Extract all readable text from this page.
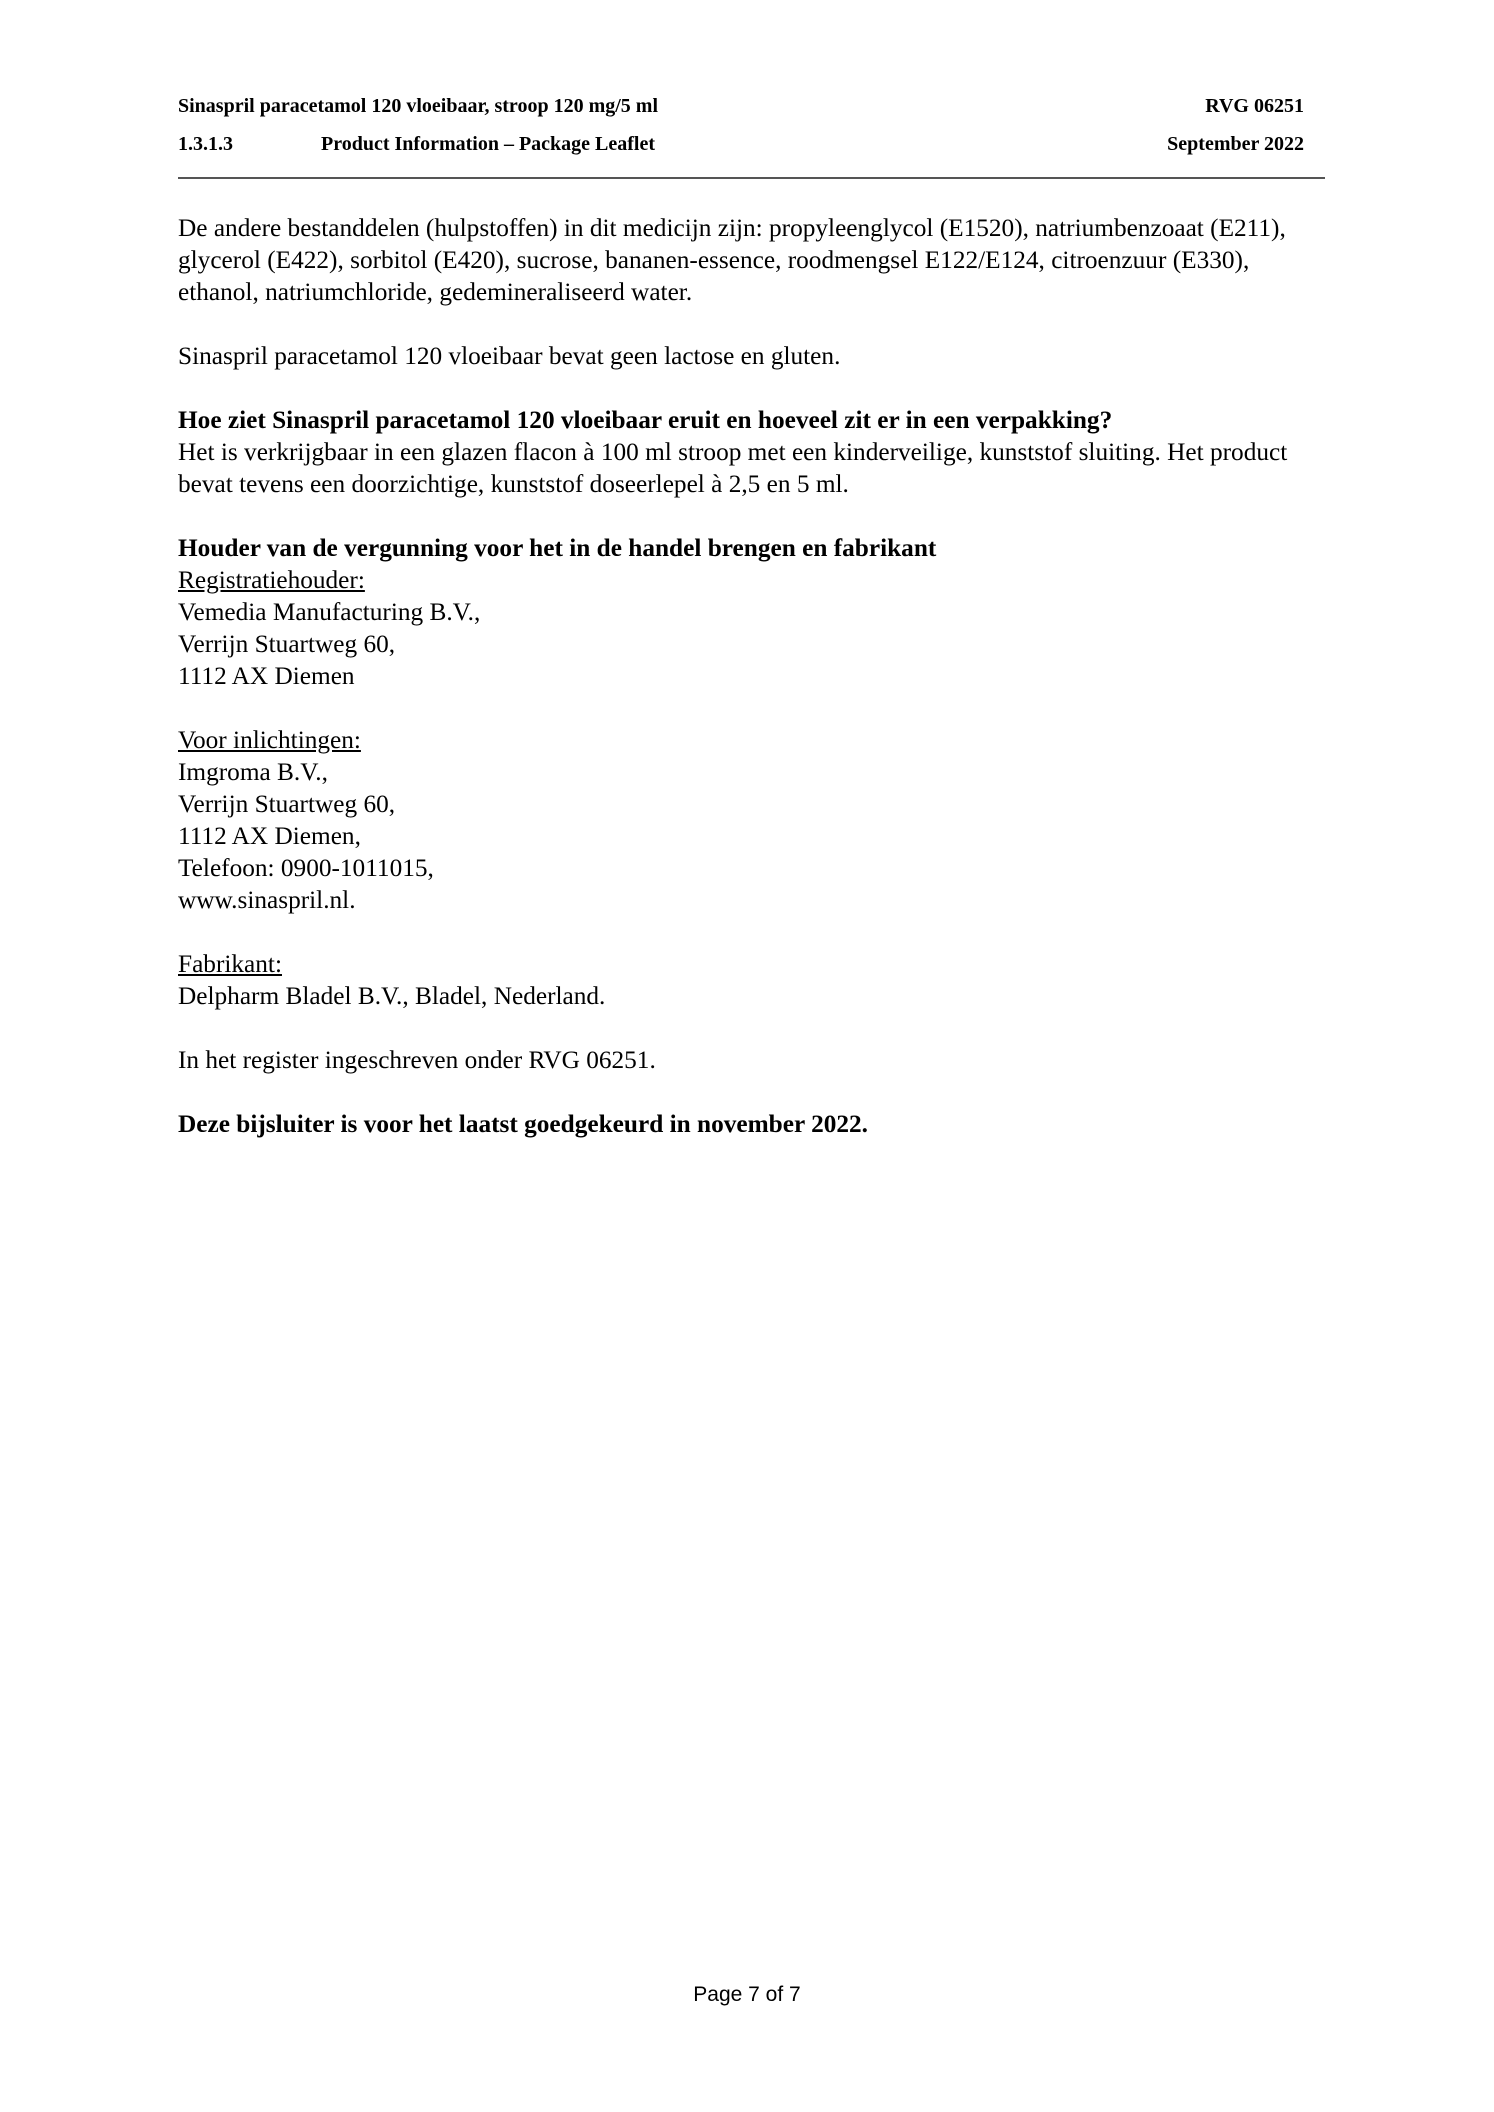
Sinaspril paracetamol 120 vloeibaar, stroop 120 mg/5 ml	RVG 06251
1.3.1.3	Product Information – Package Leaflet	September 2022

De andere bestanddelen (hulpstoffen) in dit medicijn zijn: propyleenglycol (E1520), natriumbenzoaat (E211), glycerol (E422), sorbitol (E420), sucrose, bananen-essence, roodmengsel E122/E124, citroenzuur (E330), ethanol, natriumchloride, gedemineraliseerd water.

Sinaspril paracetamol 120 vloeibaar bevat geen lactose en gluten.

Hoe ziet Sinaspril paracetamol 120 vloeibaar eruit en hoeveel zit er in een verpakking?
Het is verkrijgbaar in een glazen flacon à 100 ml stroop met een kinderveilige, kunststof sluiting. Het product bevat tevens een doorzichtige, kunststof doseerlepel à 2,5 en 5 ml.
Houder van de vergunning voor het in de handel brengen en fabrikant
Registratiehouder:
Vemedia Manufacturing B.V.,
Verrijn Stuartweg 60,
1112 AX Diemen
Voor inlichtingen:
Imgroma B.V.,
Verrijn Stuartweg 60,
1112 AX Diemen,
Telefoon: 0900-1011015,
www.sinaspril.nl.
Fabrikant:
Delpharm Bladel B.V., Bladel, Nederland.

In het register ingeschreven onder RVG 06251.

Deze bijsluiter is voor het laatst goedgekeurd in november 2022.

Page 7 of 7
